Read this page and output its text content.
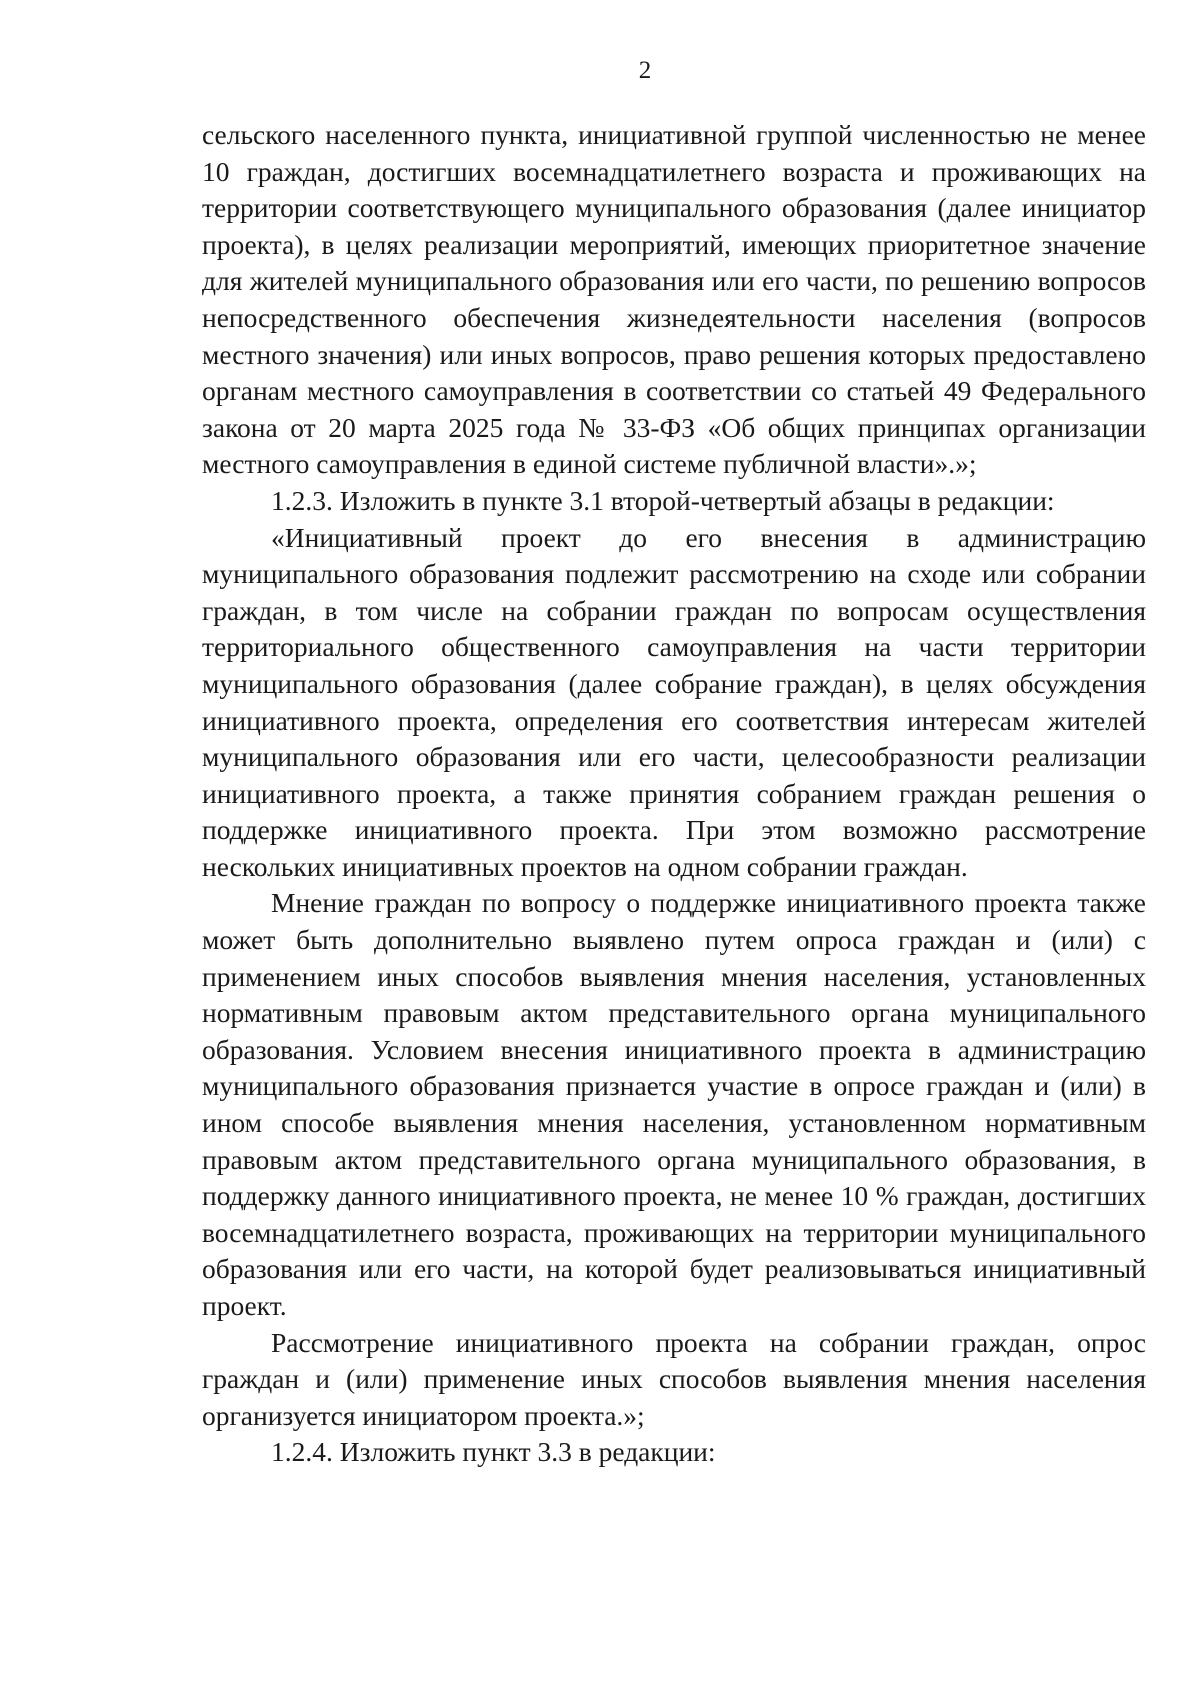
2

сельского населенного пункта, инициативной группой численностью не менее 10 граждан, достигших восемнадцатилетнего возраста и проживающих на территории соответствующего муниципального образования (далее инициатор проекта), в целях реализации мероприятий, имеющих приоритетное значение для жителей муниципального образования или его части, по решению вопросов непосредственного обеспечения жизнедеятельности населения (вопросов местного значения) или иных вопросов, право решения которых предоставлено органам местного самоуправления в соответствии со статьей 49 Федерального закона от 20 марта 2025 года № 33-ФЗ «Об общих принципах организации местного самоуправления в единой системе публичной власти».»;

1.2.3. Изложить в пункте 3.1 второй-четвертый абзацы в редакции:

«Инициативный проект до его внесения в администрацию муниципального образования подлежит рассмотрению на сходе или собрании граждан, в том числе на собрании граждан по вопросам осуществления территориального общественного самоуправления на части территории муниципального образования (далее собрание граждан), в целях обсуждения инициативного проекта, определения его соответствия интересам жителей муниципального образования или его части, целесообразности реализации инициативного проекта, а также принятия собранием граждан решения о поддержке инициативного проекта. При этом возможно рассмотрение нескольких инициативных проектов на одном собрании граждан.

Мнение граждан по вопросу о поддержке инициативного проекта также может быть дополнительно выявлено путем опроса граждан и (или) с применением иных способов выявления мнения населения, установленных нормативным правовым актом представительного органа муниципального образования. Условием внесения инициативного проекта в администрацию муниципального образования признается участие в опросе граждан и (или) в ином способе выявления мнения населения, установленном нормативным правовым актом представительного органа муниципального образования, в поддержку данного инициативного проекта, не менее 10 % граждан, достигших восемнадцатилетнего возраста, проживающих на территории муниципального образования или его части, на которой будет реализовываться инициативный проект.

Рассмотрение инициативного проекта на собрании граждан, опрос граждан и (или) применение иных способов выявления мнения населения организуется инициатором проекта.»;

1.2.4. Изложить пункт 3.3 в редакции:
